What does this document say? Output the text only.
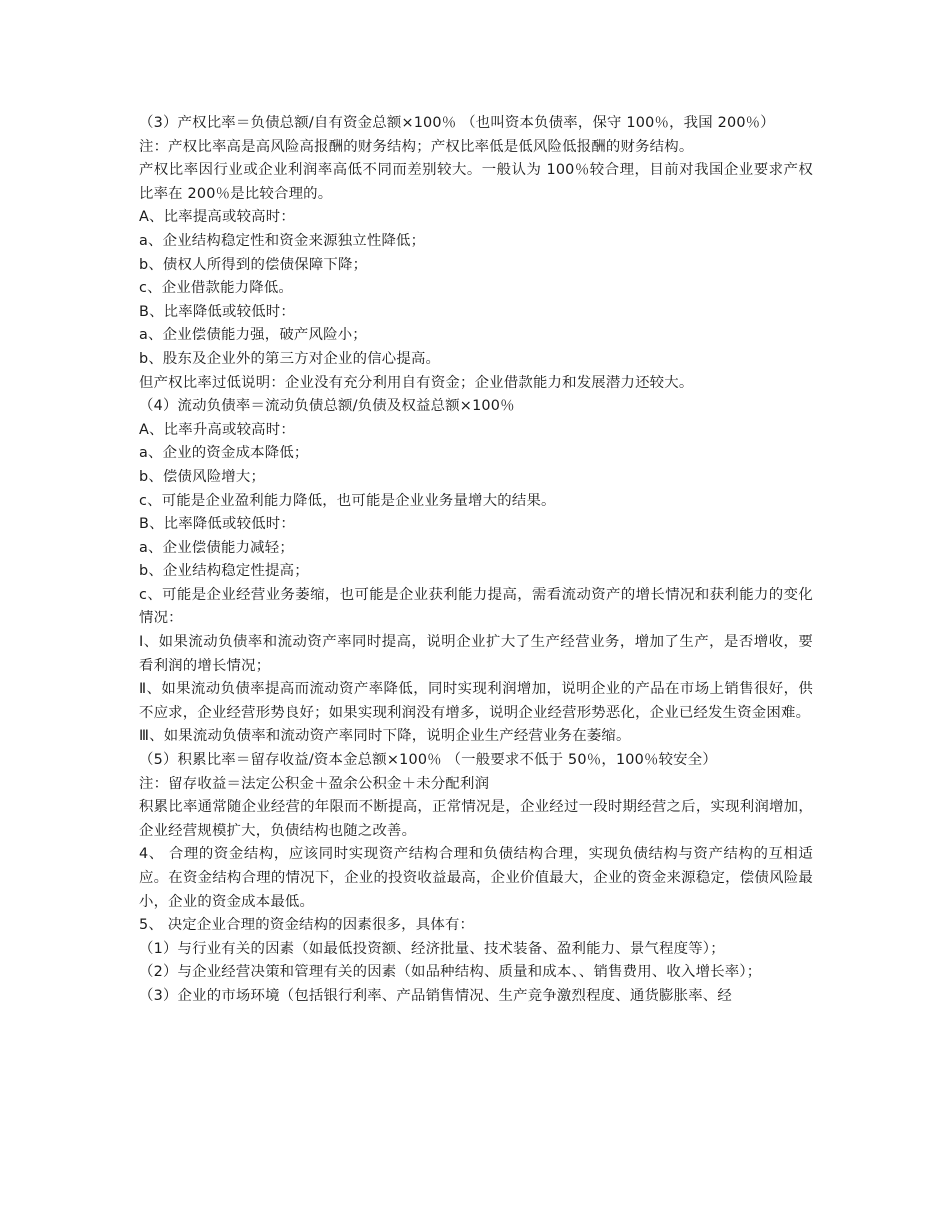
（3）产权比率＝负债总额/自有资金总额×100％ （也叫资本负债率，保守 100％，我国 200％）

注：产权比率高是高风险高报酬的财务结构；产权比率低是低风险低报酬的财务结构。

产权比率因行业或企业利润率高低不同而差别较大。一般认为 100％较合理，目前对我国企业要求产权比率在 200％是比较合理的。

A、比率提高或较高时：

a、企业结构稳定性和资金来源独立性降低；

b、债权人所得到的偿债保障下降；

c、企业借款能力降低。

B、比率降低或较低时：

a、企业偿债能力强，破产风险小；

b、股东及企业外的第三方对企业的信心提高。

但产权比率过低说明：企业没有充分利用自有资金；企业借款能力和发展潜力还较大。

（4）流动负债率＝流动负债总额/负债及权益总额×100％

A、比率升高或较高时：

a、企业的资金成本降低；

b、偿债风险增大；

c、可能是企业盈利能力降低，也可能是企业业务量增大的结果。

B、比率降低或较低时：

a、企业偿债能力减轻；

b、企业结构稳定性提高；

c、可能是企业经营业务萎缩，也可能是企业获利能力提高，需看流动资产的增长情况和获利能力的变化情况：

Ⅰ、如果流动负债率和流动资产率同时提高，说明企业扩大了生产经营业务，增加了生产，是否增收，要看利润的增长情况；

Ⅱ、如果流动负债率提高而流动资产率降低，同时实现利润增加，说明企业的产品在市场上销售很好，供不应求，企业经营形势良好；如果实现利润没有增多，说明企业经营形势恶化，企业已经发生资金困难。

Ⅲ、如果流动负债率和流动资产率同时下降，说明企业生产经营业务在萎缩。

（5）积累比率＝留存收益/资本金总额×100％ （一般要求不低于 50％，100％较安全）

注：留存收益＝法定公积金＋盈余公积金＋未分配利润

积累比率通常随企业经营的年限而不断提高，正常情况是，企业经过一段时期经营之后，实现利润增加，企业经营规模扩大，负债结构也随之改善。

4、 合理的资金结构，应该同时实现资产结构合理和负债结构合理，实现负债结构与资产结构的互相适应。在资金结构合理的情况下，企业的投资收益最高，企业价值最大，企业的资金来源稳定，偿债风险最小，企业的资金成本最低。

5、 决定企业合理的资金结构的因素很多，具体有：

（1）与行业有关的因素（如最低投资额、经济批量、技术装备、盈利能力、景气程度等）；

（2）与企业经营决策和管理有关的因素（如品种结构、质量和成本、、销售费用、收入增长率）；

（3）企业的市场环境（包括银行利率、产品销售情况、生产竞争激烈程度、通货膨胀率、经
